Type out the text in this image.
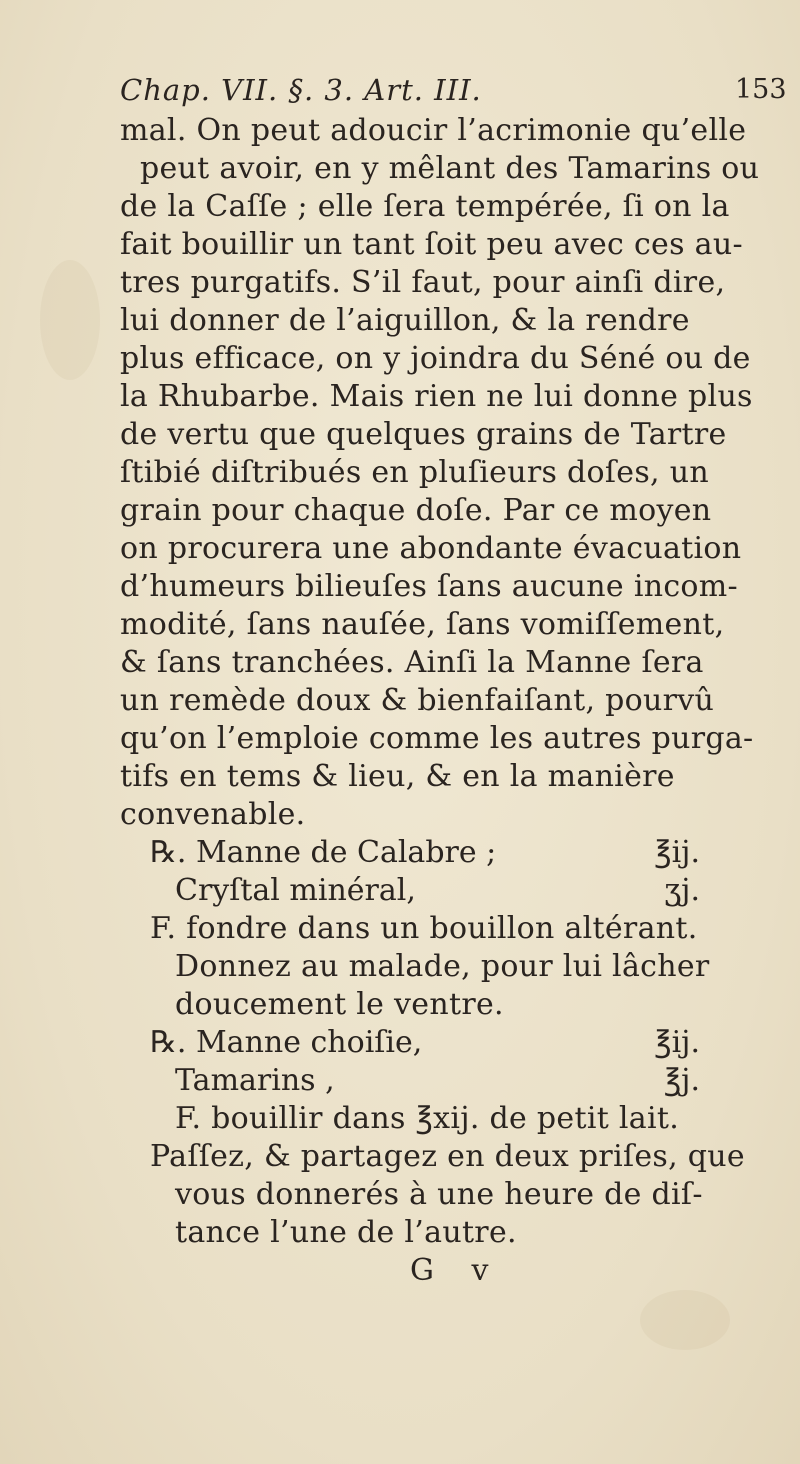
Chap. VII. §. 3. Art. III.	153
mal. On peut adoucir l’acrimonie qu’elle
peut avoir, en y mêlant des Tamarins ou
de la Caſſe ; elle ſera tempérée, ſi on la
fait bouillir un tant ſoit peu avec ces au-
tres purgatifs. S’il faut, pour ainſi dire,
lui donner de l’aiguillon, & la rendre
plus efficace, on y joindra du Séné ou de
la Rhubarbe. Mais rien ne lui donne plus
de vertu que quelques grains de Tartre
ſtibié diſtribués en pluſieurs doſes, un
grain pour chaque doſe. Par ce moyen
on procurera une abondante évacuation
d’humeurs bilieuſes ſans aucune incom-
modité, ſans nauſée, ſans vomiſſement,
& ſans tranchées. Ainſi la Manne ſera
un remède doux & bienfaiſant, pourvû
qu’on l’emploie comme les autres purga-
tifs en tems & lieu, & en la manière
convenable.
℞. Manne de Calabre ;	℥ij.
Cryſtal minéral,	ʒj.
F. fondre dans un bouillon altérant.
Donnez au malade, pour lui lâcher
doucement le ventre.
℞. Manne choiſie,	℥ij.
Tamarins ,	℥j.
F. bouillir dans ℥xij. de petit lait.
Paſſez, & partagez en deux priſes, que
vous donnerés à une heure de diſ-
tance l’une de l’autre.
G v
